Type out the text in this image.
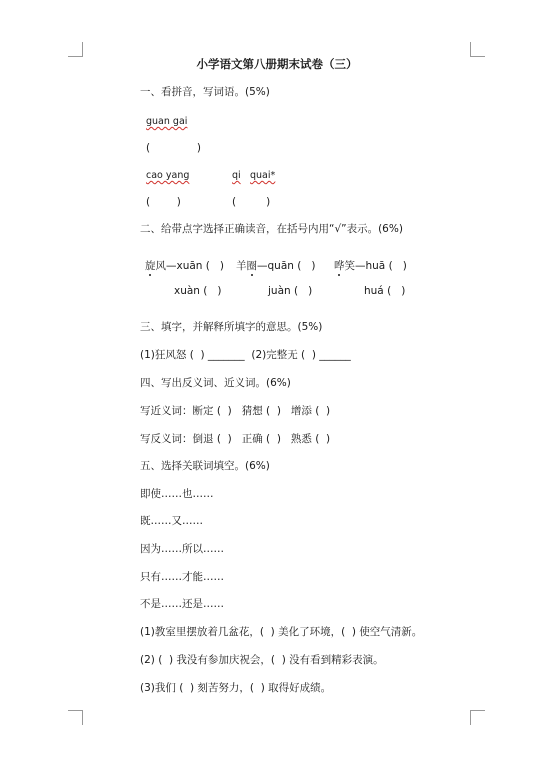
小学语文第八册期末试卷（三）
一、看拼音，写词语。(5%)
guan gai
(              )
cao yang	qi quai*
(        )	(         )
二、给带点字选择正确读音，在括号内用“√”表示。(6%)
旋风—xuān (   )
xuàn (   )
羊圈—quān (   )
juàn (   )
哗笑—huā (   )
huá (   )
三、填字，并解释所填字的意思。(5%)
(1)狂风怒 (  ) _______  (2)完整无 (  ) ______
四、写出反义词、近义词。(6%)
写近义词：断定 (  )   猜想 (  )   增添 (  )
写反义词：倒退 (  )   正确 (  )   熟悉 (  )
五、选择关联词填空。(6%)
即使……也……
既……又……
因为……所以……
只有……才能……
不是……还是……
(1)教室里摆放着几盆花，(  ) 美化了环境，(  ) 使空气清新。
(2) (  ) 我没有参加庆祝会，(  ) 没有看到精彩表演。
(3)我们 (  ) 刻苦努力，(  ) 取得好成绩。
